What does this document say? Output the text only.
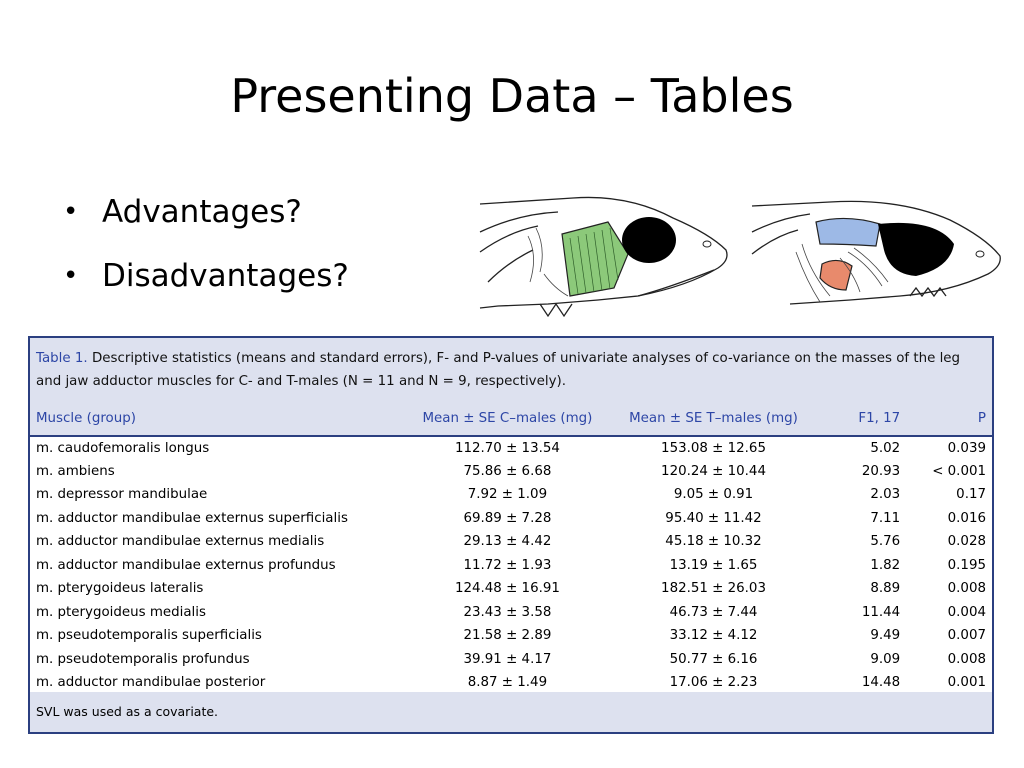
Presenting Data – Tables
• Advantages?
• Disadvantages?
Table 1. Descriptive statistics (means and standard errors), F- and P-values of univariate analyses of co-variance on the masses of the leg and jaw adductor muscles for C- and T-males (N = 11 and N = 9, respectively).
Muscle (group)	Mean ± SE C–males (mg)	Mean ± SE T–males (mg)	F1, 17	P
m. caudofemoralis longus	112.70 ± 13.54	153.08 ± 12.65	5.02	0.039
m. ambiens	75.86 ± 6.68	120.24 ± 10.44	20.93	< 0.001
m. depressor mandibulae	7.92 ± 1.09	9.05 ± 0.91	2.03	0.17
m. adductor mandibulae externus superficialis	69.89 ± 7.28	95.40 ± 11.42	7.11	0.016
m. adductor mandibulae externus medialis	29.13 ± 4.42	45.18 ± 10.32	5.76	0.028
m. adductor mandibulae externus profundus	11.72 ± 1.93	13.19 ± 1.65	1.82	0.195
m. pterygoideus lateralis	124.48 ± 16.91	182.51 ± 26.03	8.89	0.008
m. pterygoideus medialis	23.43 ± 3.58	46.73 ± 7.44	11.44	0.004
m. pseudotemporalis superficialis	21.58 ± 2.89	33.12 ± 4.12	9.49	0.007
m. pseudotemporalis profundus	39.91 ± 4.17	50.77 ± 6.16	9.09	0.008
m. adductor mandibulae posterior	8.87 ± 1.49	17.06 ± 2.23	14.48	0.001
SVL was used as a covariate.
